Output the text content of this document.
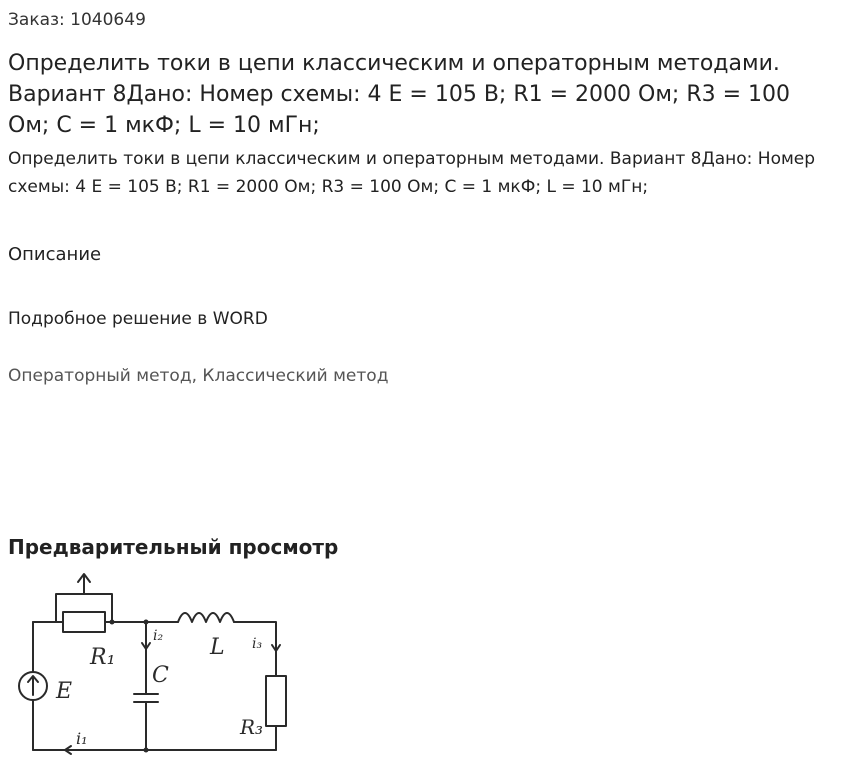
Заказ: 1040649
Определить токи в цепи классическим и операторным методами. Вариант 8Дано: Номер схемы: 4 E = 105 В; R1 = 2000 Ом; R3 = 100 Ом; C = 1 мкФ; L = 10 мГн;

Определить токи в цепи классическим и операторным методами. Вариант 8Дано: Номер схемы: 4 E = 105 В; R1 = 2000 Ом; R3 = 100 Ом; C = 1 мкФ; L = 10 мГн;

Описание
Подробное решение в WORD
Операторный метод, Классический метод
Предварительный просмотр
R₁	L
C
E
R₃
i₁
i₂	i₃
